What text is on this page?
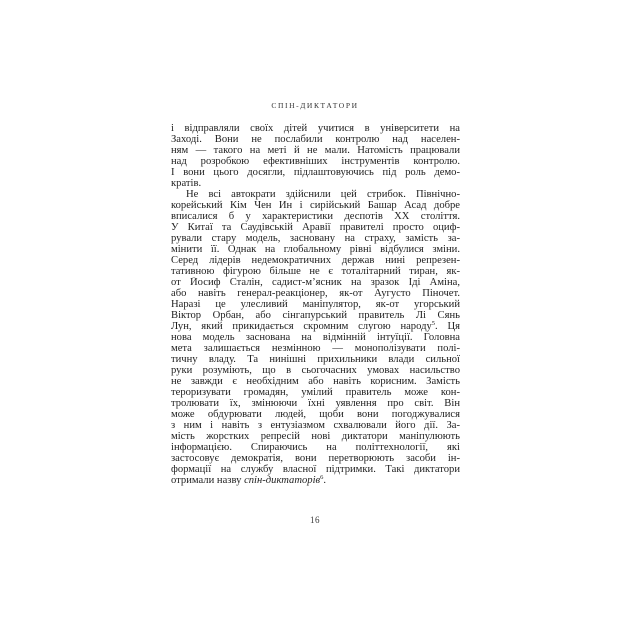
СПІН-ДИКТАТОРИ
і відправляли своїх дітей учитися в університети на
Заході. Вони не послабили контролю над населен-
ням — такого на меті й не мали. Натомість працювали
над розробкою ефективніших інструментів контролю.
І вони цього досягли, підлаштовуючись під роль демо-
кратів.
Не всі автократи здійснили цей стрибок. Північно-
корейський Кім Чен Ин і сирійський Башар Асад добре
вписалися б у характеристики деспотів ХХ століття.
У Китаї та Саудівській Аравії правителі просто оциф-
рували стару модель, засновану на страху, замість за-
мінити її. Однак на глобальному рівні відбулися зміни.
Серед лідерів недемократичних держав нині репрезен-
тативною фігурою більше не є тоталітарний тиран, як-
от Йосиф Сталін, садист-м’ясник на зразок Іді Аміна,
або навіть генерал-реакціонер, як-от Аугусто Піночет.
Наразі це улесливий маніпулятор, як-от угорський
Віктор Орбан, або сінгапурський правитель Лі Сянь
Лун, який прикидається скромним слугою народу$^5$. Ця
нова модель заснована на відмінній інтуїції. Головна
мета залишається незмінною — монополізувати полі-
тичну владу. Та нинішні прихильники влади сильної
руки розуміють, що в сьогочасних умовах насильство
не завжди є необхідним або навіть корисним. Замість
тероризувати громадян, умілий правитель може кон-
тролювати їх, змінюючи їхні уявлення про світ. Він
може обдурювати людей, щоби вони погоджувалися
з ним і навіть з ентузіазмом схвалювали його дії. За-
мість жорстких репресій нові диктатори маніпулюють
інформацією. Спираючись на політтехнології, які
застосовує демократія, вони перетворюють засоби ін-
формації на службу власної підтримки. Такі диктатори
отримали назву спін-диктаторів$^6$.
16
